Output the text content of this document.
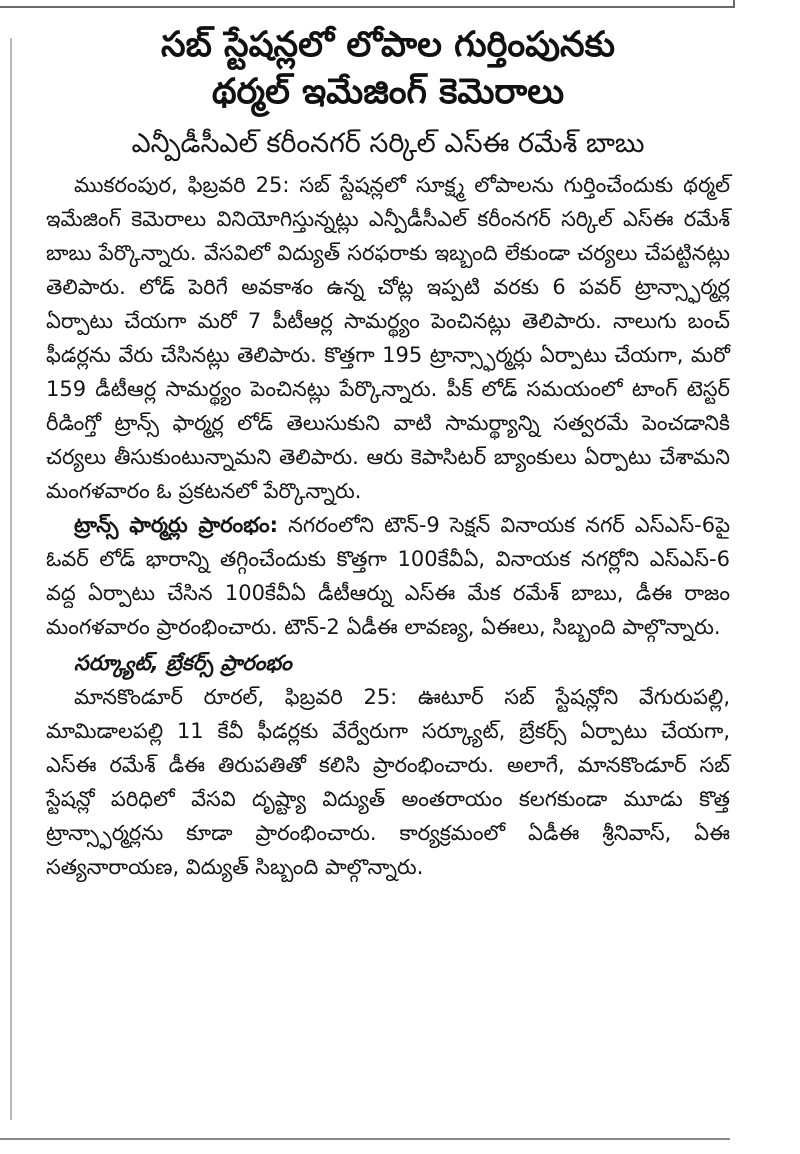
సబ్ స్టేషన్లలో లోపాల గుర్తింపునకు
థర్మల్ ఇమేజింగ్ కెమెరాలు
ఎన్పీడీసీఎల్ కరీంనగర్ సర్కిల్ ఎస్ఈ రమేశ్ బాబు

ముకరంపుర, ఫిబ్రవరి 25: సబ్ స్టేషన్లలో సూక్ష్మ లోపాలను గుర్తించేందుకు థర్మల్ ఇమేజింగ్ కెమెరాలు వినియోగిస్తున్నట్లు ఎన్పీడీసీఎల్ కరీంనగర్ సర్కిల్ ఎస్ఈ రమేశ్ బాబు పేర్కొన్నారు. వేసవిలో విద్యుత్ సరఫరాకు ఇబ్బంది లేకుండా చర్యలు చేపట్టినట్లు తెలిపారు. లోడ్ పెరిగే అవకాశం ఉన్న చోట్ల ఇప్పటి వరకు 6 పవర్ ట్రాన్స్ఫార్మర్ల ఏర్పాటు చేయగా మరో 7 పీటీఆర్ల సామర్థ్యం పెంచినట్లు తెలిపారు. నాలుగు బంచ్ ఫీడర్లను వేరు చేసినట్లు తెలిపారు. కొత్తగా 195 ట్రాన్స్ఫార్మర్లు ఏర్పాటు చేయగా, మరో 159 డీటీఆర్ల సామర్థ్యం పెంచినట్లు పేర్కొన్నారు. పీక్ లోడ్ సమయంలో టాంగ్ టెస్టర్ రీడింగ్తో ట్రాన్స్ ఫార్మర్ల లోడ్ తెలుసుకుని వాటి సామర్థ్యాన్ని సత్వరమే పెంచడానికి చర్యలు తీసుకుంటున్నామని తెలిపారు. ఆరు కెపాసిటర్ బ్యాంకులు ఏర్పాటు చేశామని మంగళవారం ఓ ప్రకటనలో పేర్కొన్నారు.

ట్రాన్స్ ఫార్మర్లు ప్రారంభం: నగరంలోని టౌన్-9 సెక్షన్ వినాయక నగర్ ఎస్ఎస్-6పై ఓవర్ లోడ్ భారాన్ని తగ్గించేందుకు కొత్తగా 100కేవీఏ, వినాయక నగర్లోని ఎస్ఎస్-6 వద్ద ఏర్పాటు చేసిన 100కేవీఏ డీటీఆర్ను ఎస్ఈ మేక రమేశ్ బాబు, డీఈ రాజం మంగళవారం ప్రారంభించారు. టౌన్-2 ఏడీఈ లావణ్య, ఏఈలు, సిబ్బంది పాల్గొన్నారు.

సర్క్యూట్, బ్రేకర్స్ ప్రారంభం

మానకొండూర్ రూరల్, ఫిబ్రవరి 25: ఊటూర్ సబ్ స్టేషన్లోని వేగురుపల్లి, మామిడాలపల్లి 11 కేవీ ఫీడర్లకు వేర్వేరుగా సర్క్యూట్, బ్రేకర్స్ ఏర్పాటు చేయగా, ఎస్ఈ రమేశ్ డీఈ తిరుపతితో కలిసి ప్రారంభించారు. అలాగే, మానకొండూర్ సబ్ స్టేషన్లో పరిధిలో వేసవి దృష్ట్యా విద్యుత్ అంతరాయం కలగకుండా మూడు కొత్త ట్రాన్స్ఫార్మర్లను కూడా ప్రారంభించారు. కార్యక్రమంలో ఏడీఈ శ్రీనివాస్, ఏఈ సత్యనారాయణ, విద్యుత్ సిబ్బంది పాల్గొన్నారు.
